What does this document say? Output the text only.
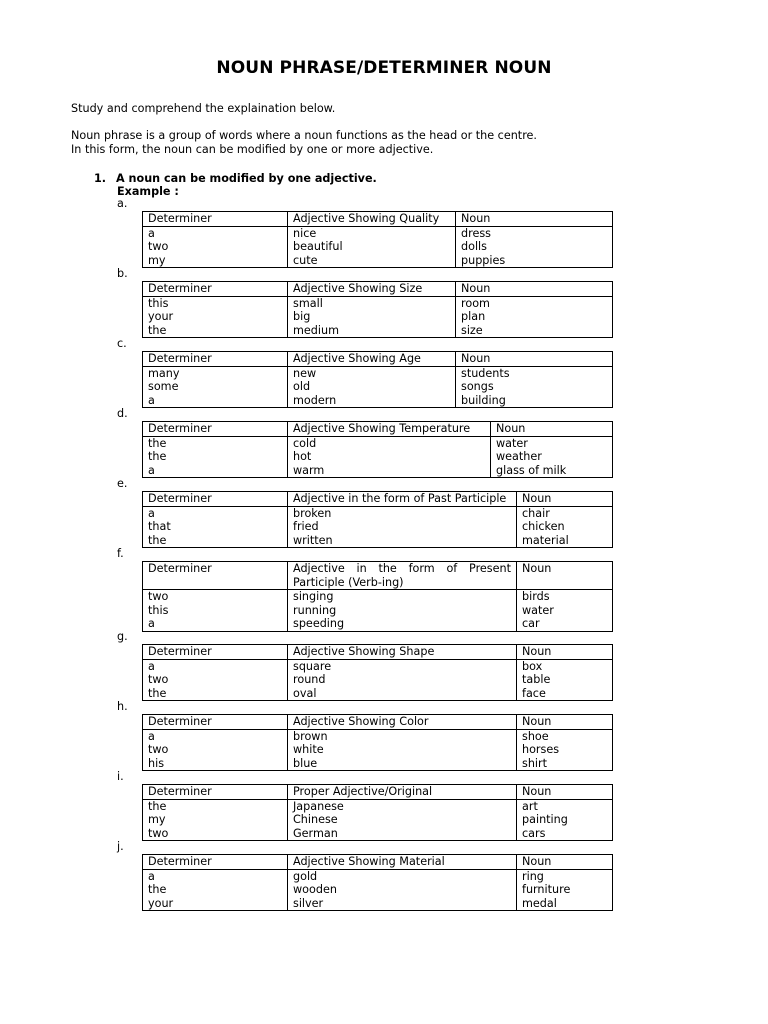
NOUN PHRASE/DETERMINER NOUN
Study and comprehend the explaination below.
Noun phrase is a group of words where a noun functions as the head or the centre.
In this form, the noun can be modified by one or more adjective.
1. A noun can be modified by one adjective.
Example :
a.
Determiner	Adjective Showing Quality	Noun
a	nice	dress
two	beautiful	dolls
my	cute	puppies
b.
Determiner	Adjective Showing Size	Noun
this	small	room
your	big	plan
the	medium	size
c.
Determiner	Adjective Showing Age	Noun
many	new	students
some	old	songs
a	modern	building
d.
Determiner	Adjective Showing Temperature	Noun
the	cold	water
the	hot	weather
a	warm	glass of milk
e.
Determiner	Adjective in the form of Past Participle	Noun
a	broken	chair
that	fried	chicken
the	written	material
f.
Determiner	Adjective in the form of Present Participle (Verb-ing)	Noun
two	singing	birds
this	running	water
a	speeding	car
g.
Determiner	Adjective Showing Shape	Noun
a	square	box
two	round	table
the	oval	face
h.
Determiner	Adjective Showing Color	Noun
a	brown	shoe
two	white	horses
his	blue	shirt
i.
Determiner	Proper Adjective/Original	Noun
the	Japanese	art
my	Chinese	painting
two	German	cars
j.
Determiner	Adjective Showing Material	Noun
a	gold	ring
the	wooden	furniture
your	silver	medal
